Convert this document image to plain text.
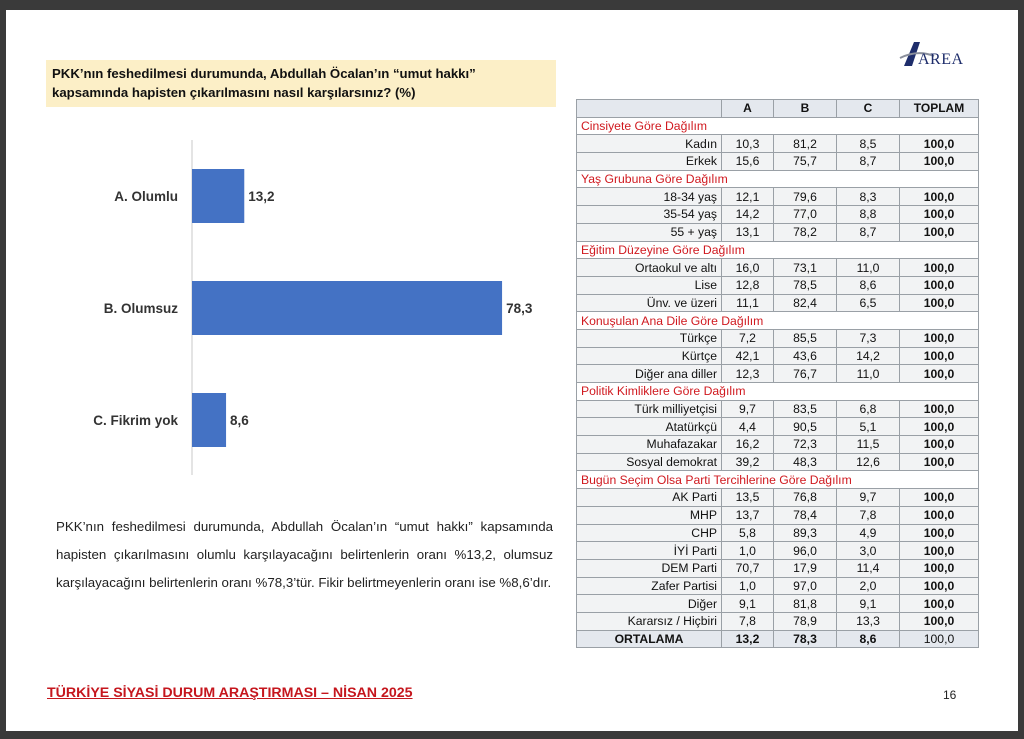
AREA
PKK’nın feshedilmesi durumunda, Abdullah Öcalan’ın “umut hakkı” kapsamında hapisten çıkarılmasını nasıl karşılarsınız? (%)
A. Olumlu	13,2
B. Olumsuz	78,3
C. Fikrim yok	8,6
PKK’nın feshedilmesi durumunda, Abdullah Öcalan’ın “umut hakkı” kapsamında hapisten çıkarılmasını olumlu karşılayacağını belirtenlerin oranı %13,2, olumsuz karşılayacağını belirtenlerin oranı %78,3’tür. Fikir belirtmeyenlerin oranı ise %8,6’dır.
	A	B	C	TOPLAM
Cinsiyete Göre Dağılım				
Kadın	10,3	81,2	8,5	100,0
Erkek	15,6	75,7	8,7	100,0
Yaş Grubuna Göre Dağılım				
18-34 yaş	12,1	79,6	8,3	100,0
35-54 yaş	14,2	77,0	8,8	100,0
55 + yaş	13,1	78,2	8,7	100,0
Eğitim Düzeyine Göre Dağılım				
Ortaokul ve altı	16,0	73,1	11,0	100,0
Lise	12,8	78,5	8,6	100,0
Ünv. ve üzeri	11,1	82,4	6,5	100,0
Konuşulan Ana Dile Göre Dağılım				
Türkçe	7,2	85,5	7,3	100,0
Kürtçe	42,1	43,6	14,2	100,0
Diğer ana diller	12,3	76,7	11,0	100,0
Politik Kimliklere Göre Dağılım				
Türk milliyetçisi	9,7	83,5	6,8	100,0
Atatürkçü	4,4	90,5	5,1	100,0
Muhafazakar	16,2	72,3	11,5	100,0
Sosyal demokrat	39,2	48,3	12,6	100,0
Bugün Seçim Olsa Parti Tercihlerine Göre Dağılım				
AK Parti	13,5	76,8	9,7	100,0
MHP	13,7	78,4	7,8	100,0
CHP	5,8	89,3	4,9	100,0
İYİ Parti	1,0	96,0	3,0	100,0
DEM Parti	70,7	17,9	11,4	100,0
Zafer Partisi	1,0	97,0	2,0	100,0
Diğer	9,1	81,8	9,1	100,0
Kararsız / Hiçbiri	7,8	78,9	13,3	100,0
ORTALAMA	13,2	78,3	8,6	100,0
TÜRKİYE SİYASİ DURUM ARAŞTIRMASI – NİSAN 2025	16
